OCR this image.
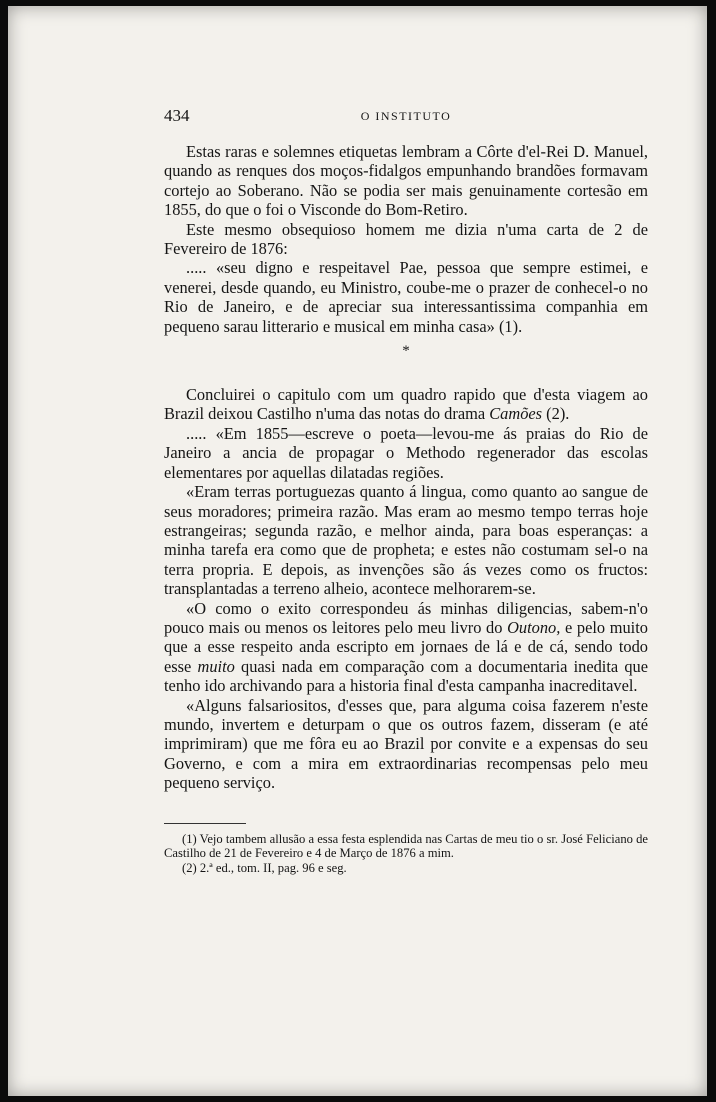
434	O INSTITUTO

Estas raras e solemnes etiquetas lembram a Côrte d'el-Rei D. Manuel, quando as renques dos moços-fidalgos empunhando brandões formavam cortejo ao Soberano. Não se podia ser mais genuinamente cortesão em 1855, do que o foi o Visconde do Bom-Retiro.

Este mesmo obsequioso homem me dizia n'uma carta de 2 de Fevereiro de 1876:

..... «seu digno e respeitavel Pae, pessoa que sempre estimei, e venerei, desde quando, eu Ministro, coube-me o prazer de conhecel-o no Rio de Janeiro, e de apreciar sua interessantissima companhia em pequeno sarau litterario e musical em minha casa» (1).

*

Concluirei o capitulo com um quadro rapido que d'esta viagem ao Brazil deixou Castilho n'uma das notas do drama Camões (2).

..... «Em 1855—escreve o poeta—levou-me ás praias do Rio de Janeiro a ancia de propagar o Methodo regenerador das escolas elementares por aquellas dilatadas regiões.

«Eram terras portuguezas quanto á lingua, como quanto ao sangue de seus moradores; primeira razão. Mas eram ao mesmo tempo terras hoje estrangeiras; segunda razão, e melhor ainda, para boas esperanças: a minha tarefa era como que de propheta; e estes não costumam sel-o na terra propria. E depois, as invenções são ás vezes como os fructos: transplantadas a terreno alheio, acontece melhorarem-se.

«O como o exito correspondeu ás minhas diligencias, sabem-n'o pouco mais ou menos os leitores pelo meu livro do Outono, e pelo muito que a esse respeito anda escripto em jornaes de lá e de cá, sendo todo esse muito quasi nada em comparação com a documentaria inedita que tenho ido archivando para a historia final d'esta campanha inacreditavel.

«Alguns falsariositos, d'esses que, para alguma coisa fazerem n'este mundo, invertem e deturpam o que os outros fazem, disseram (e até imprimiram) que me fôra eu ao Brazil por convite e a expensas do seu Governo, e com a mira em extraordinarias recompensas pelo meu pequeno serviço.

(1) Vejo tambem allusão a essa festa esplendida nas Cartas de meu tio o sr. José Feliciano de Castilho de 21 de Fevereiro e 4 de Março de 1876 a mim.

(2) 2.ª ed., tom. II, pag. 96 e seg.
